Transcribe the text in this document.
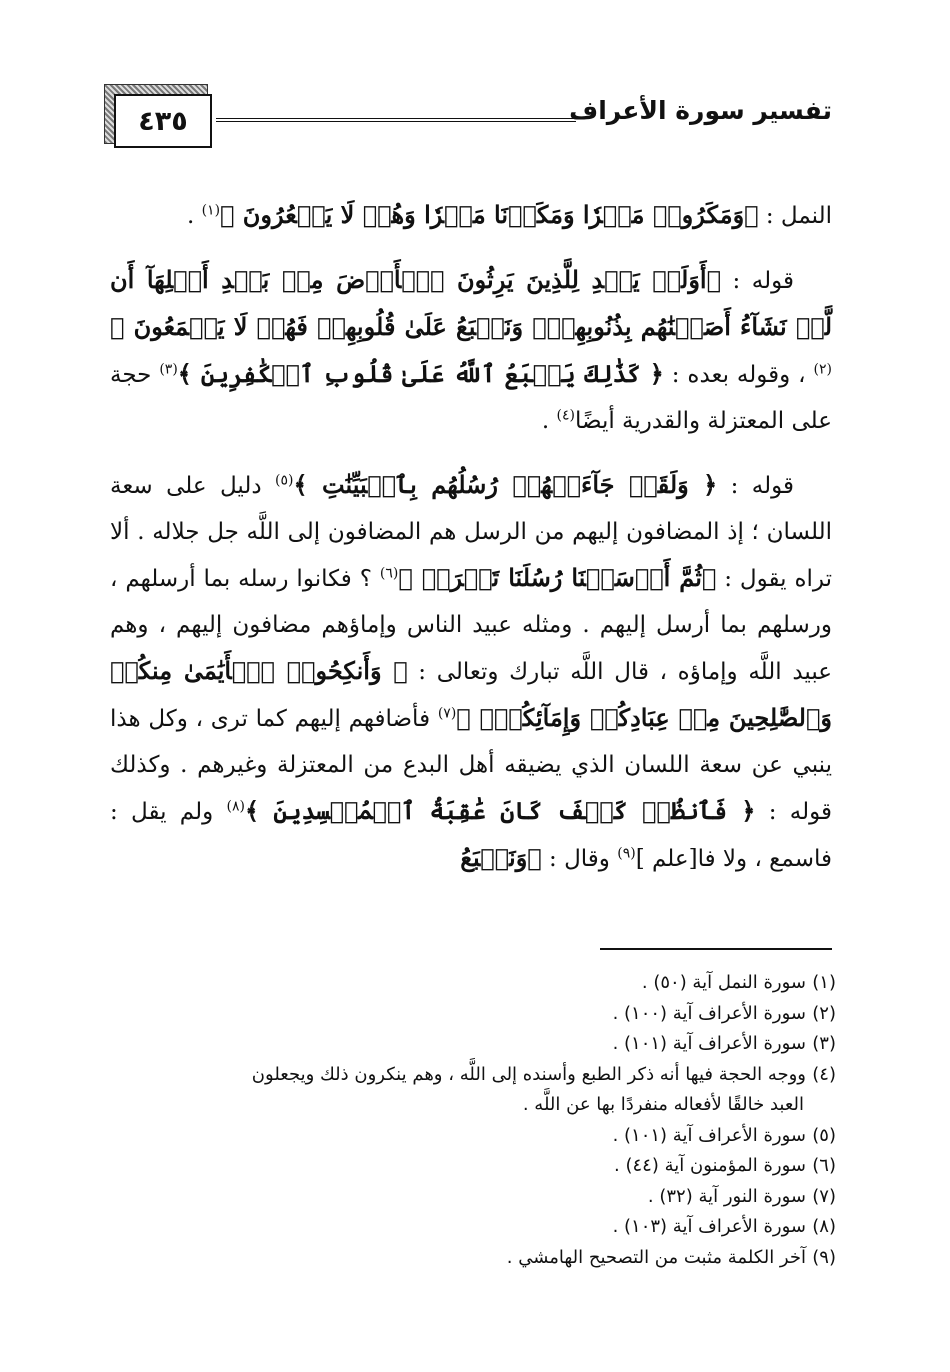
٤٣٥	تفسير سورة الأعراف

النمل : ﴿وَمَكَرُوا۟ مَكۡرٗا وَمَكَرۡنَا مَكۡرٗا وَهُمۡ لَا يَشۡعُرُونَ ﴾$^{(١)}$ .

قوله : ﴿أَوَلَمۡ يَهۡدِ لِلَّذِينَ يَرِثُونَ ٱلۡأَرۡضَ مِنۢ بَعۡدِ أَهۡلِهَآ أَن لَّوۡ نَشَآءُ أَصَبۡنَٰهُم بِذُنُوبِهِمۡۚ وَنَطۡبَعُ عَلَىٰ قُلُوبِهِمۡ فَهُمۡ لَا يَسۡمَعُونَ ﴾$^{(٢)}$ ، وقوله بعده : ﴿ كَذَٰلِكَ يَطۡبَعُ ٱللَّهُ عَلَىٰ قُلُوبِ ٱلۡكَٰفِرِينَ ﴾$^{(٣)}$ حجة على المعتزلة والقدرية أيضًا$^{(٤)}$ .

قوله : ﴿ وَلَقَدۡ جَآءَتۡهُمۡ رُسُلُهُم بِٱلۡبَيِّنَٰتِ ﴾$^{(٥)}$ دليل على سعة اللسان ؛ إذ المضافون إليهم من الرسل هم المضافون إلى اللَّه جل جلاله . ألا تراه يقول : ﴿ثُمَّ أَرۡسَلۡنَا رُسُلَنَا تَتۡرَاۖ ﴾$^{(٦)}$ ؟ فكانوا رسله بما أرسلهم ، ورسلهم بما أرسل إليهم . ومثله عبيد الناس وإماؤهم مضافون إليهم ، وهم عبيد اللَّه وإماؤه ، قال اللَّه تبارك وتعالى : ﴿ وَأَنكِحُوا۟ ٱلۡأَيَٰمَىٰ مِنكُمۡ وَٱلصَّٰلِحِينَ مِنۡ عِبَادِكُمۡ وَإِمَآئِكُمۡۚ ﴾$^{(٧)}$ فأضافهم إليهم كما ترى ، وكل هذا ينبي عن سعة اللسان الذي يضيقه أهل البدع من المعتزلة وغيرهم . وكذلك قوله : ﴿ فَٱنظُرۡ كَيۡفَ كَانَ عَٰقِبَةُ ٱلۡمُفۡسِدِينَ ﴾$^{(٨)}$ ولم يقل : فاسمع ، ولا فا[علم ]$^{(٩)}$ وقال : ﴿وَنَطۡبَعُ

(١)سورة النمل آية (٥٠) .
(٢)سورة الأعراف آية (١٠٠) .
(٣)سورة الأعراف آية (١٠١) .
(٤)ووجه الحجة فيها أنه ذكر الطبع وأسنده إلى اللَّه ، وهم ينكرون ذلك ويجعلون
العبد خالقًا لأفعاله منفردًا بها عن اللَّه .
(٥)سورة الأعراف آية (١٠١) .
(٦)سورة المؤمنون آية (٤٤) .
(٧)سورة النور آية (٣٢) .
(٨)سورة الأعراف آية (١٠٣) .
(٩)آخر الكلمة مثبت من التصحيح الهامشي .
